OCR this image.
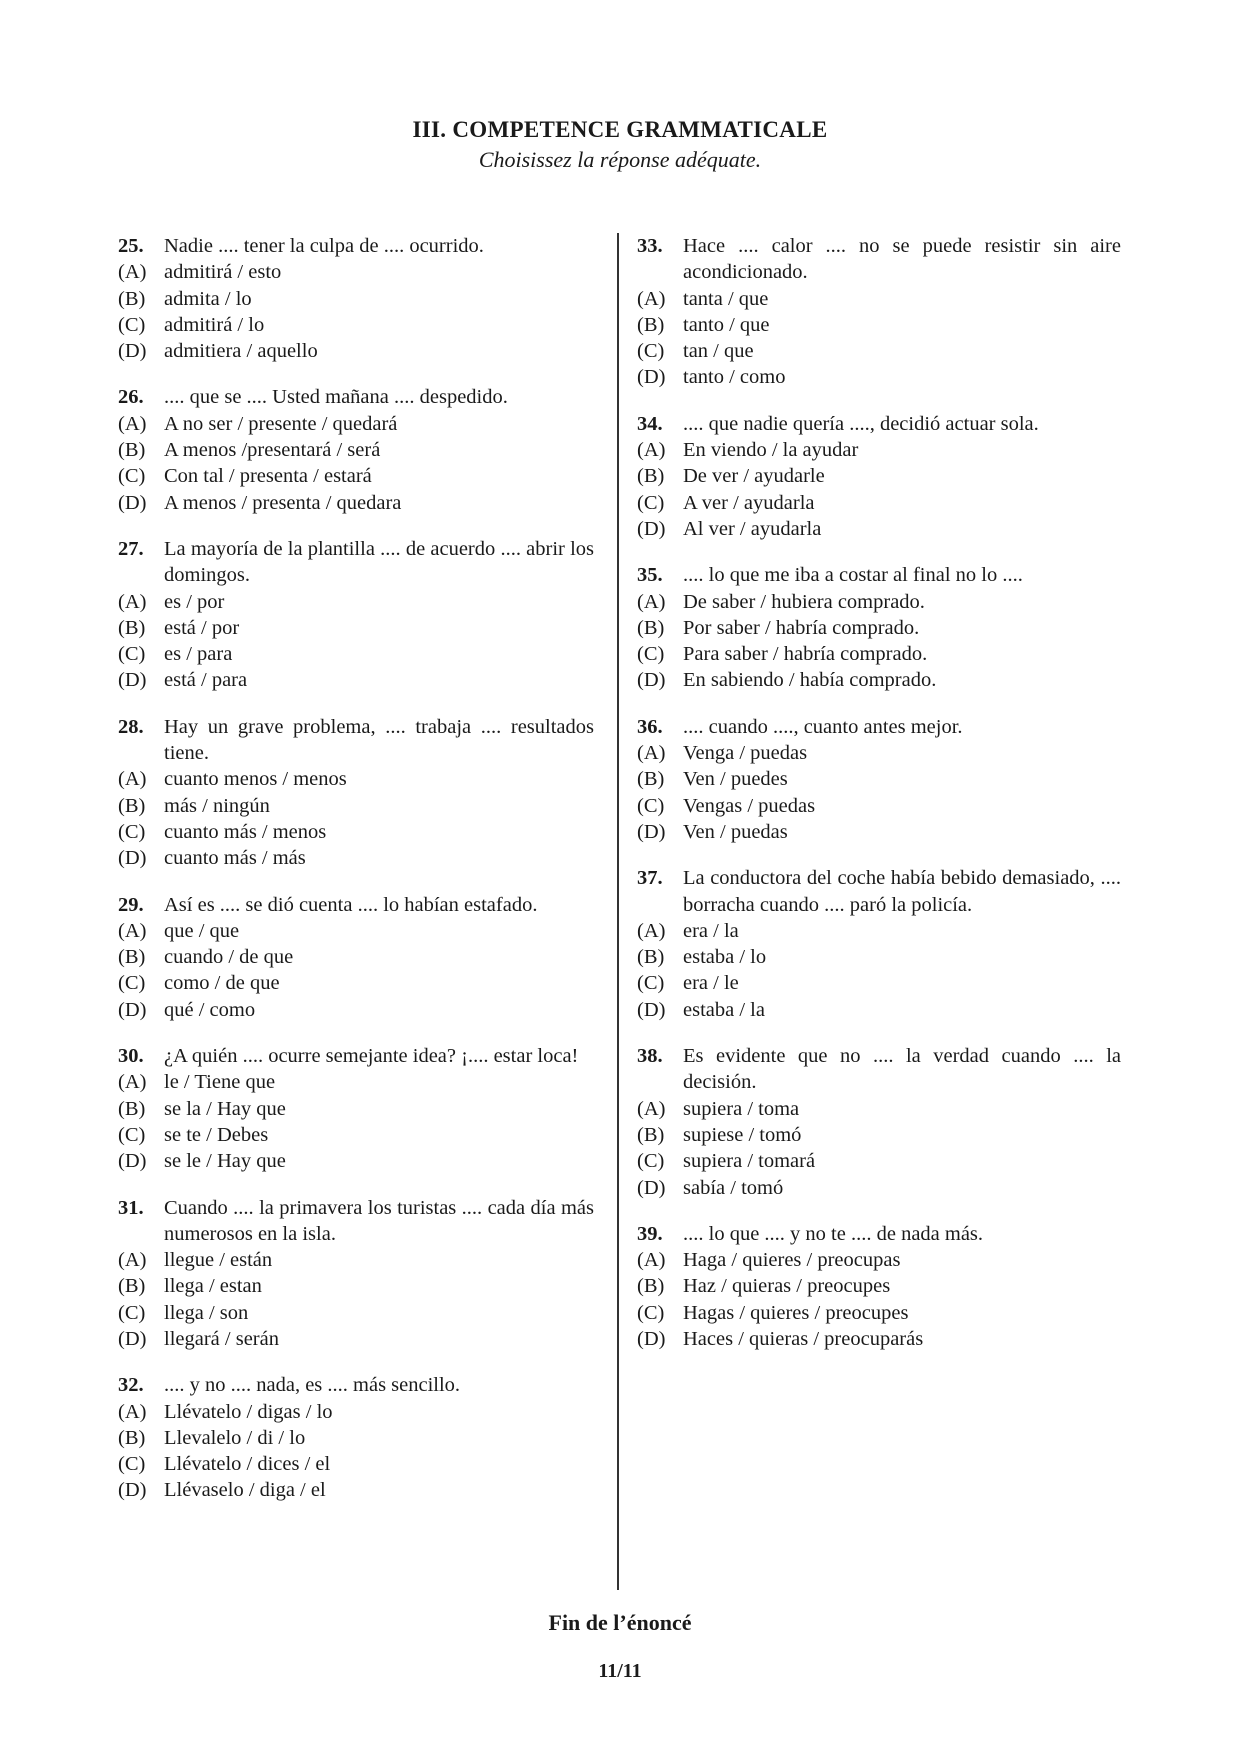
III. COMPETENCE GRAMMATICALE
Choisissez la réponse adéquate.
25. Nadie .... tener la culpa de .... ocurrido.
(A) admitirá / esto
(B) admita / lo
(C) admitirá / lo
(D) admitiera / aquello
26. .... que se .... Usted mañana .... despedido.
(A) A no ser / presente / quedará
(B) A menos /presentará / será
(C) Con tal / presenta / estará
(D) A menos / presenta / quedara
27. La mayoría de la plantilla .... de acuerdo .... abrir los domingos.
(A) es / por
(B) está / por
(C) es / para
(D) está / para
28. Hay un grave problema, .... trabaja .... resultados tiene.
(A) cuanto menos / menos
(B) más / ningún
(C) cuanto más / menos
(D) cuanto más / más
29. Así es .... se dió cuenta .... lo habían estafado.
(A) que / que
(B) cuando / de que
(C) como / de que
(D) qué / como
30. ¿A quién .... ocurre semejante idea? ¡.... estar loca!
(A) le / Tiene que
(B) se la / Hay que
(C) se te / Debes
(D) se le / Hay que
31. Cuando .... la primavera los turistas .... cada día más numerosos en la isla.
(A) llegue / están
(B) llega / estan
(C) llega / son
(D) llegará / serán
32. .... y no .... nada, es .... más sencillo.
(A) Llévatelo / digas / lo
(B) Llevalelo / di / lo
(C) Llévatelo / dices / el
(D) Llévaselo / diga / el
33. Hace .... calor .... no se puede resistir sin aire acondicionado.
(A) tanta / que
(B) tanto / que
(C) tan / que
(D) tanto / como
34. .... que nadie quería ...., decidió actuar sola.
(A) En viendo / la ayudar
(B) De ver / ayudarle
(C) A ver / ayudarla
(D) Al ver / ayudarla
35. .... lo que me iba a costar al final no lo ....
(A) De saber / hubiera comprado.
(B) Por saber / habría comprado.
(C) Para saber / habría comprado.
(D) En sabiendo / había comprado.
36. .... cuando ...., cuanto antes mejor.
(A) Venga / puedas
(B) Ven / puedes
(C) Vengas / puedas
(D) Ven / puedas
37. La conductora del coche había bebido demasiado, .... borracha cuando .... paró la policía.
(A) era / la
(B) estaba / lo
(C) era / le
(D) estaba / la
38. Es evidente que no .... la verdad cuando .... la decisión.
(A) supiera / toma
(B) supiese / tomó
(C) supiera / tomará
(D) sabía / tomó
39. .... lo que .... y no te .... de nada más.
(A) Haga / quieres / preocupas
(B) Haz / quieras / preocupes
(C) Hagas / quieres / preocupes
(D) Haces / quieras / preocuparás
Fin de l’énoncé
11/11
